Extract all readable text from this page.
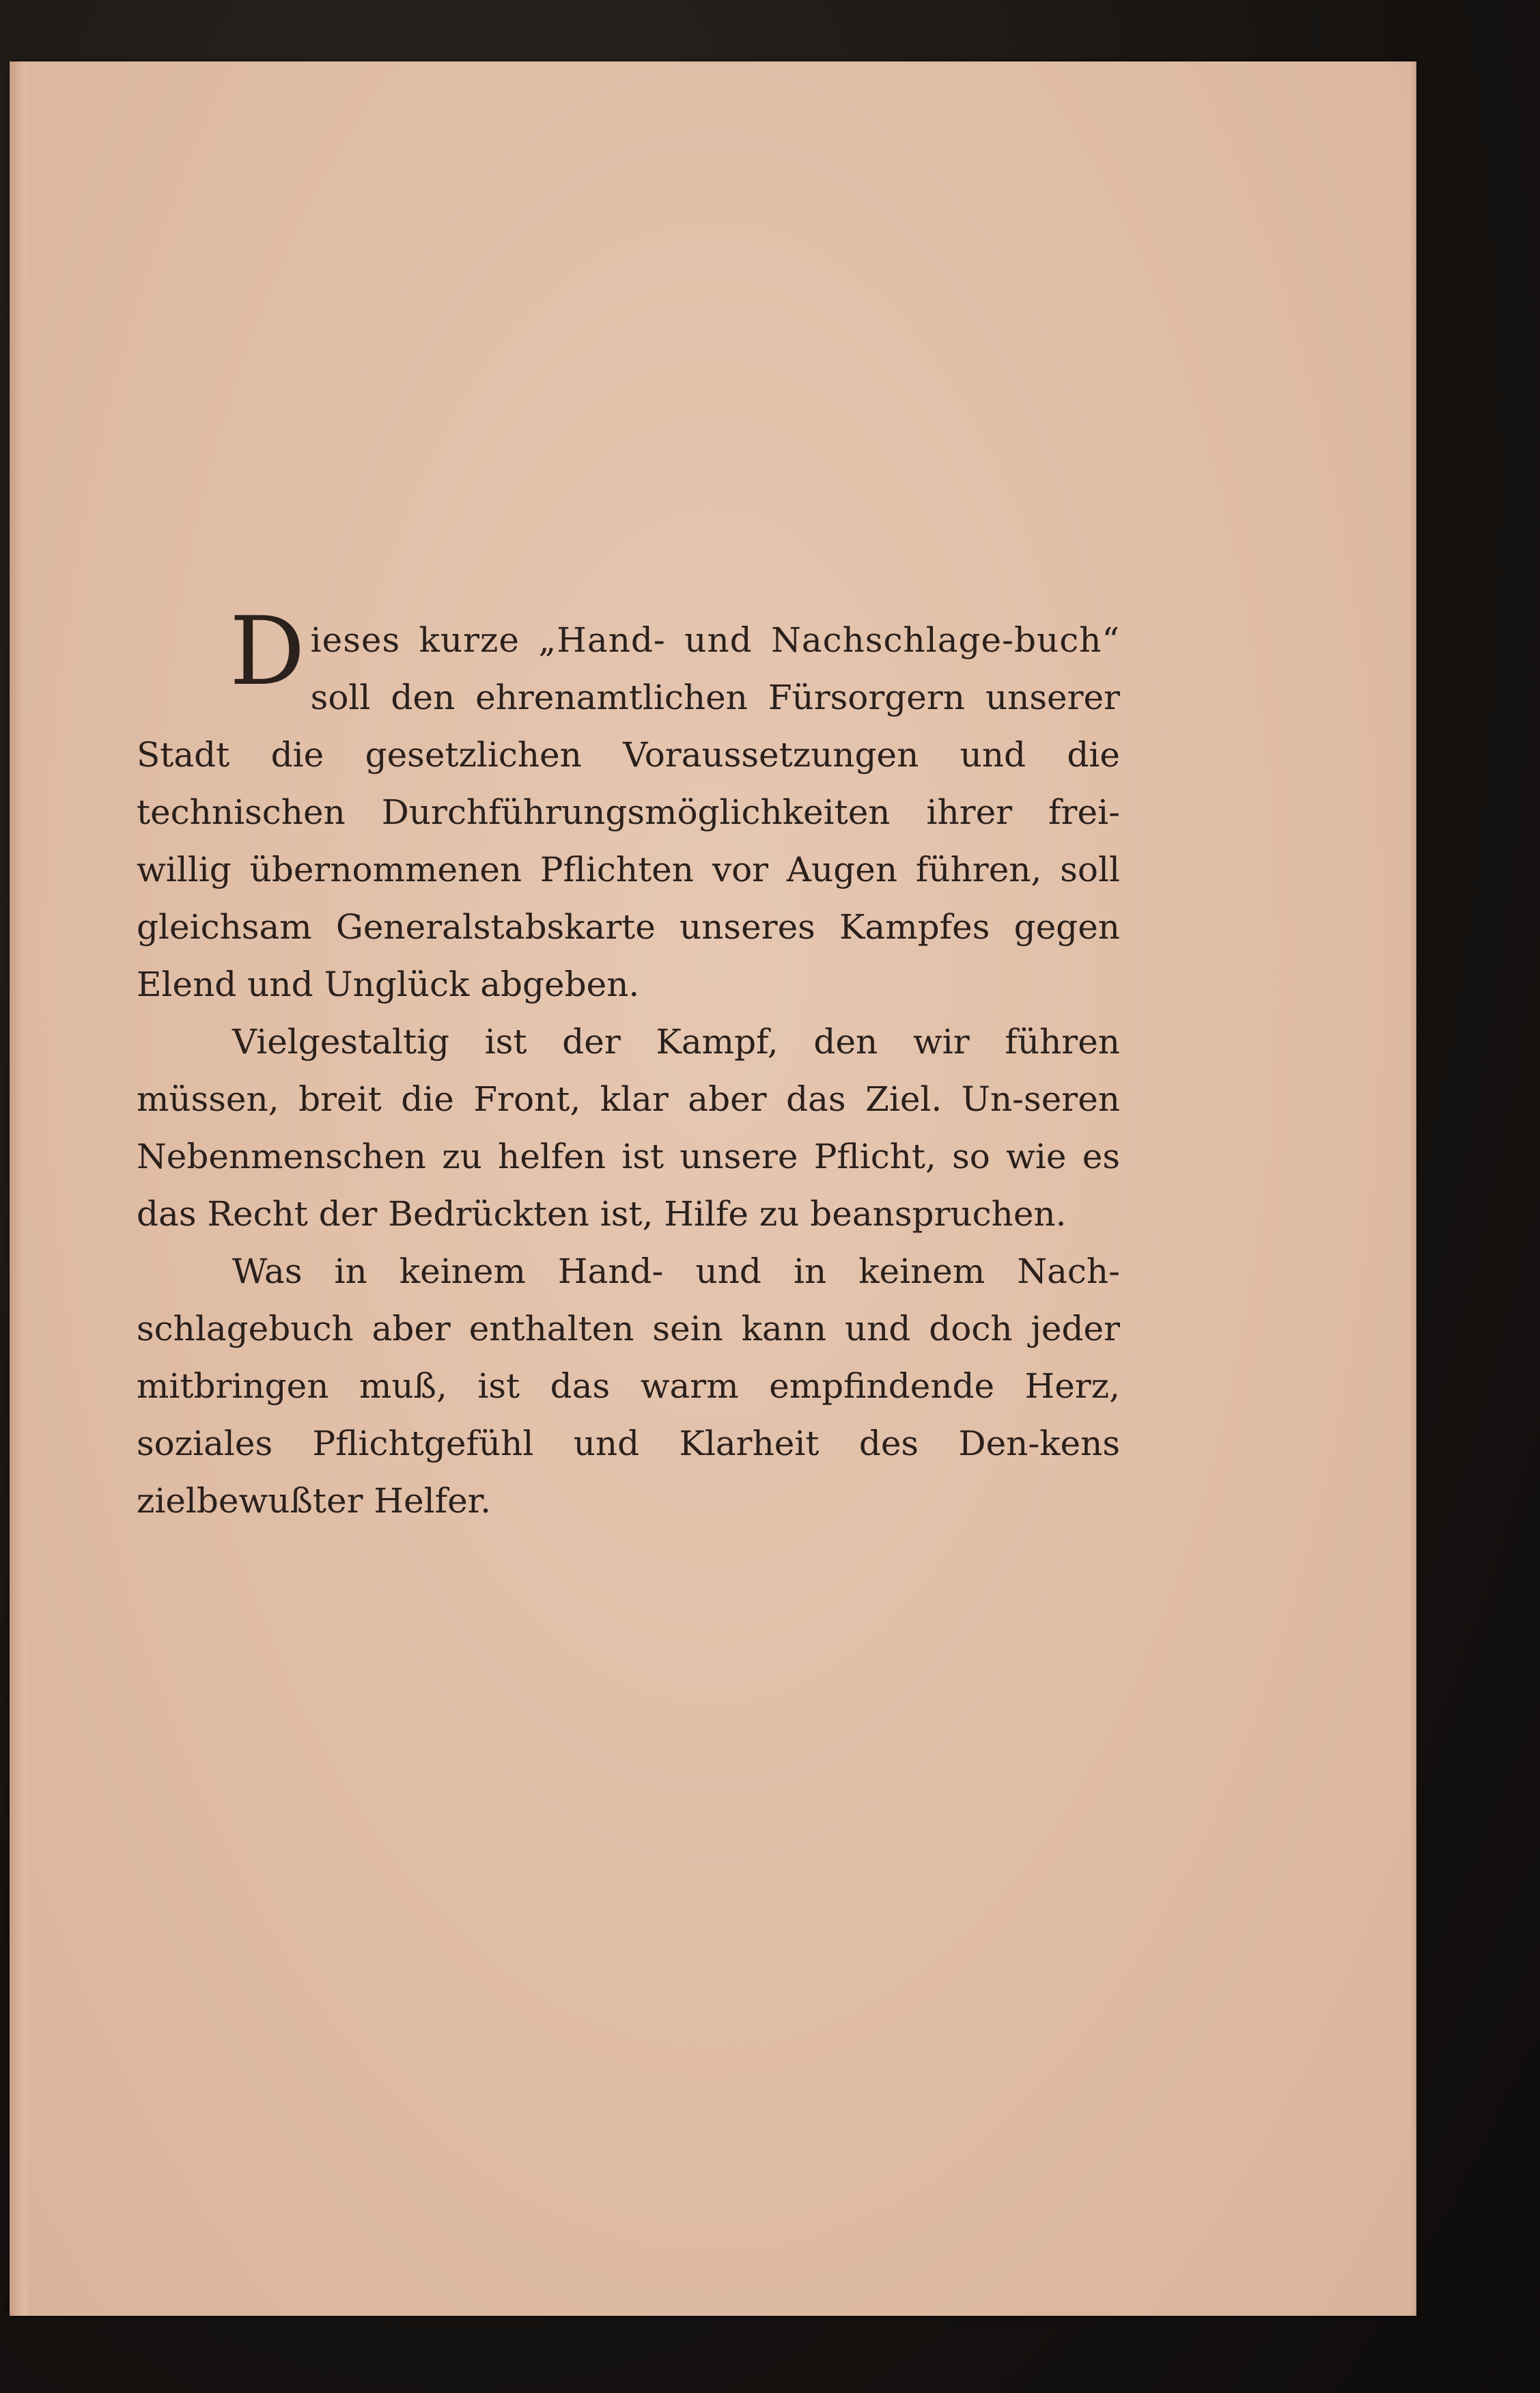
Dieses kurze „Hand- und Nachschlage-buch“ soll den ehrenamtlichen Fürsorgern unserer Stadt die gesetzlichen Voraussetzungen und die technischen Durchführungsmöglichkeiten ihrer frei-willig übernommenen Pflichten vor Augen führen, soll gleichsam Generalstabskarte unseres Kampfes gegen Elend und Unglück abgeben.

Vielgestaltig ist der Kampf, den wir führen müssen, breit die Front, klar aber das Ziel. Un-seren Nebenmenschen zu helfen ist unsere Pflicht, so wie es das Recht der Bedrückten ist, Hilfe zu beanspruchen.

Was in keinem Hand- und in keinem Nach-schlagebuch aber enthalten sein kann und doch jeder mitbringen muß, ist das warm empfindende Herz, soziales Pflichtgefühl und Klarheit des Den-kens zielbewußter Helfer.
